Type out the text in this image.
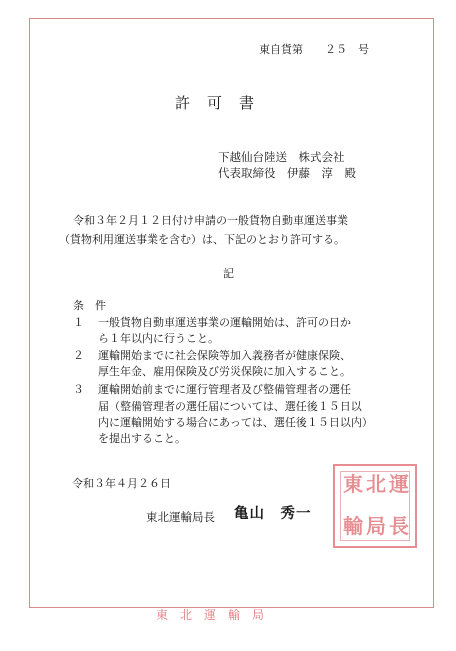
東自貨第　　２５　号
許　可　書
下越仙台陸送　株式会社
代表取締役　伊藤　淳　殿
令和３年２月１２日付け申請の一般貨物自動車運送事業
（貨物利用運送事業を含む）は、下記のとおり許可する。
記
条　件
１ 一般貨物自動車運送事業の運輸開始は、許可の日か
ら１年以内に行うこと。
２ 運輸開始までに社会保険等加入義務者が健康保険、
厚生年金、雇用保険及び労災保険に加入すること。
３ 運輸開始前までに運行管理者及び整備管理者の選任
届（整備管理者の選任届については、選任後１５日以
内に運輸開始する場合にあっては、選任後１５日以内）
を提出すること。
令和３年４月２６日
東北運輸局長 亀山　秀一
東 北 運
輸 局 長
東　北　運　輸　局
